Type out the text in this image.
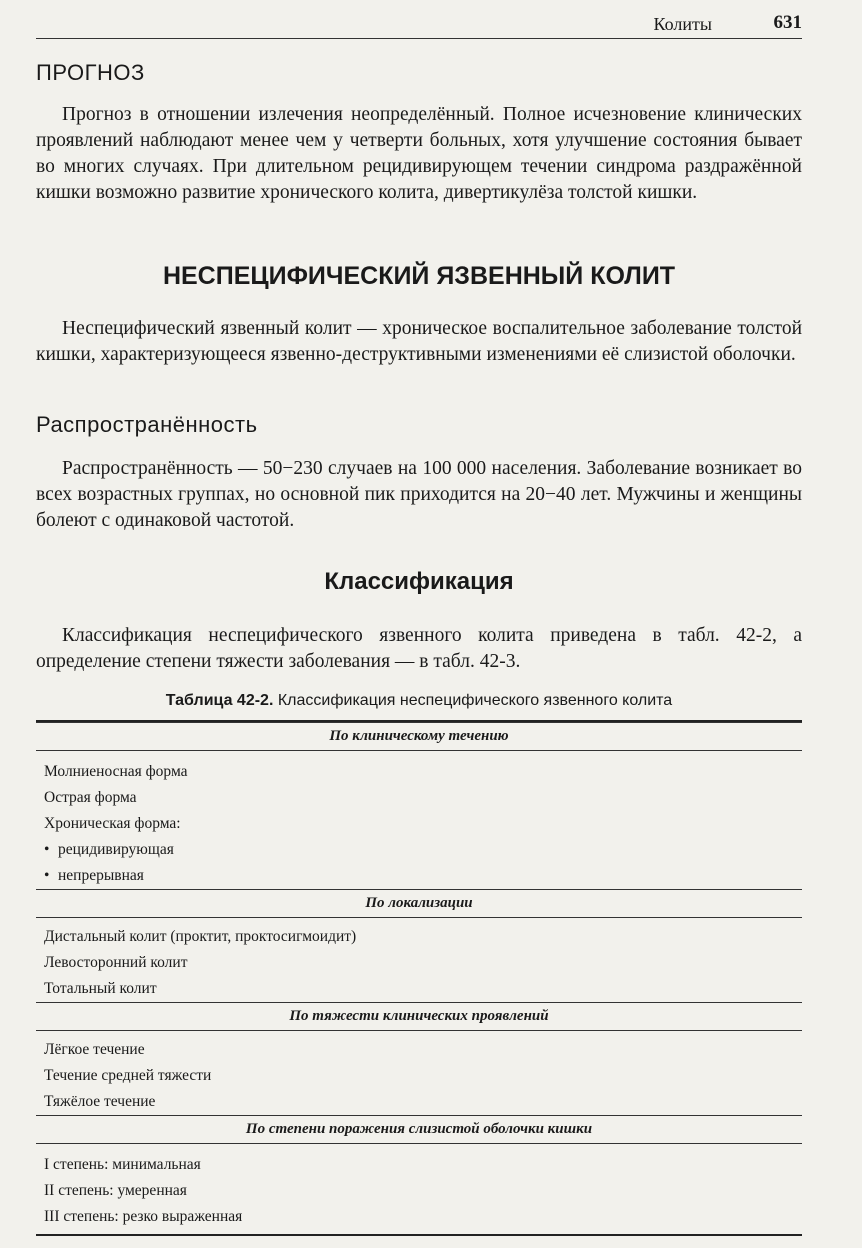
Колиты	631
ПРОГНОЗ
Прогноз в отношении излечения неопределённый. Полное исчезновение клинических проявлений наблюдают менее чем у четверти больных, хотя улучшение состояния бывает во многих случаях. При длительном рецидивирующем течении синдрома раздражённой кишки возможно развитие хронического колита, дивертикулёза толстой кишки.
НЕСПЕЦИФИЧЕСКИЙ ЯЗВЕННЫЙ КОЛИТ
Неспецифический язвенный колит — хроническое воспалительное заболевание толстой кишки, характеризующееся язвенно-деструктивными изменениями её слизистой оболочки.
Распространённость
Распространённость — 50−230 случаев на 100 000 населения. Заболевание возникает во всех возрастных группах, но основной пик приходится на 20−40 лет. Мужчины и женщины болеют с одинаковой частотой.
Классификация
Классификация неспецифического язвенного колита приведена в табл. 42-2, а определение степени тяжести заболевания — в табл. 42-3.
Таблица 42-2. Классификация неспецифического язвенного колита
По клиническому течению
Молниеносная форма
Острая форма
Хроническая форма:
• рецидивирующая
• непрерывная
По локализации
Дистальный колит (проктит, проктосигмоидит)
Левосторонний колит
Тотальный колит
По тяжести клинических проявлений
Лёгкое течение
Течение средней тяжести
Тяжёлое течение
По степени поражения слизистой оболочки кишки
I степень: минимальная
II степень: умеренная
III степень: резко выраженная
